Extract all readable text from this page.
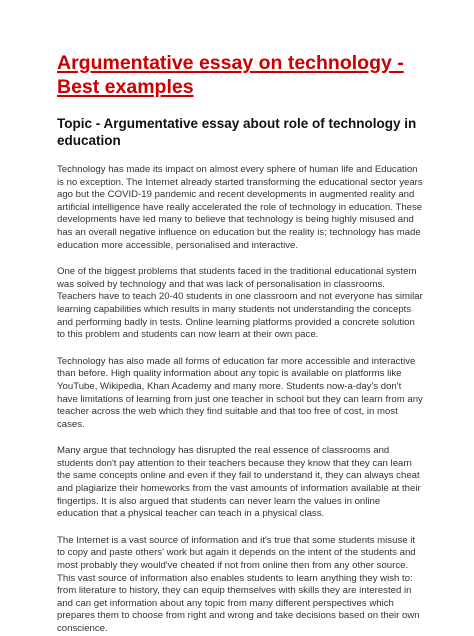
Argumentative essay on technology - Best examples
Topic - Argumentative essay about role of technology in education

Technology has made its impact on almost every sphere of human life and Education is no exception. The Internet already started transforming the educational sector years ago but the COVID-19 pandemic and recent developments in augmented reality and artificial intelligence have really accelerated the role of technology in education. These developments have led many to believe that technology is being highly misused and has an overall negative influence on education but the reality is; technology has made education more accessible, personalised and interactive.

One of the biggest problems that students faced in the traditional educational system was solved by technology and that was lack of personalisation in classrooms. Teachers have to teach 20-40 students in one classroom and not everyone has similar learning capabilities which results in many students not understanding the concepts and performing badly in tests. Online learning platforms provided a concrete solution to this problem and students can now learn at their own pace.

Technology has also made all forms of education far more accessible and interactive than before. High quality information about any topic is available on platforms like YouTube, Wikipedia, Khan Academy and many more. Students now-a-day's don't have limitations of learning from just one teacher in school but they can learn from any teacher across the web which they find suitable and that too free of cost, in most cases.

Many argue that technology has disrupted the real essence of classrooms and students don't pay attention to their teachers because they know that they can learn the same concepts online and even if they fail to understand it, they can always cheat and plagiarize their homeworks from the vast amounts of information available at their fingertips. It is also argued that students can never learn the values in online education that a physical teacher can teach in a physical class.

The Internet is a vast source of information and it's true that some students misuse it to copy and paste others' work but again it depends on the intent of the students and most probably they would've cheated if not from online then from any other source. This vast source of information also enables students to learn anything they wish to: from literature to history, they can equip themselves with skills they are interested in and can get information about any topic from many different perspectives which prepares them to choose from right and wrong and take decisions based on their own conscience.
